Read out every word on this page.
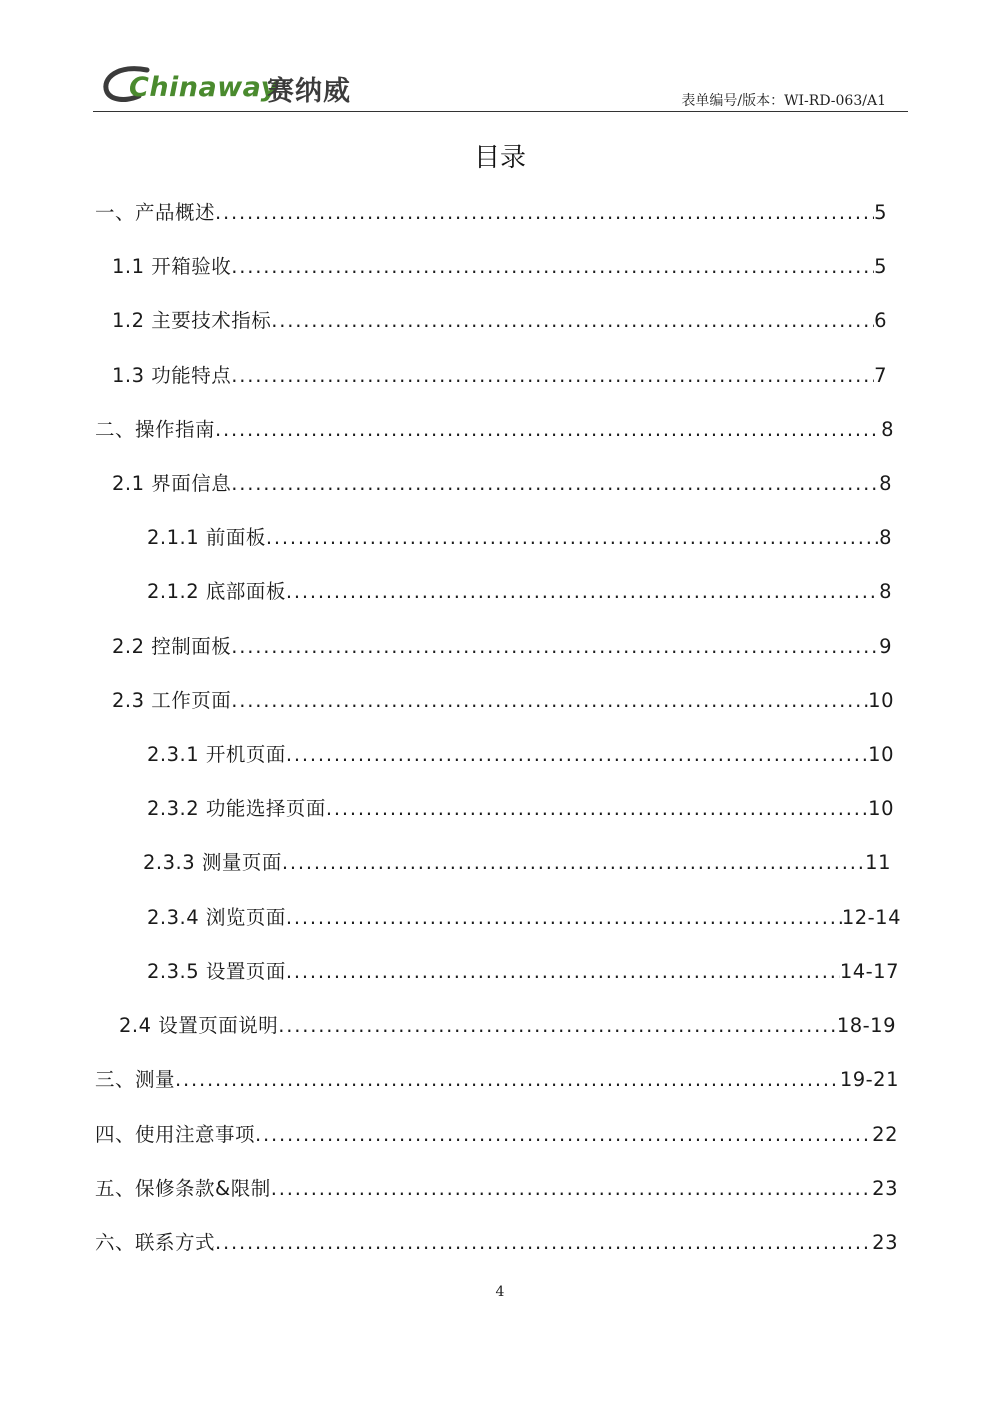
Chinaway
赛纳威	表单编号/版本：WI-RD-063/A1
目录
一、产品概述 .....	5
1.1 开箱验收 .....	5
1.2 主要技术指标 .....	6
1.3 功能特点 .....	7
二、操作指南 .....	8
2.1 界面信息 .....	8
2.1.1 前面板 .....	8
2.1.2 底部面板 .....	8
2.2 控制面板 .....	9
2.3 工作页面 .....	10
2.3.1 开机页面 .....	10
2.3.2 功能选择页面 .....	10
2.3.3 测量页面 .....	11
2.3.4 浏览页面 .....	12-14
2.3.5 设置页面 .....	14-17
2.4 设置页面说明 .....	18-19
三、测量 .....	19-21
四、使用注意事项 .....	22
五、保修条款&限制 .....	23
六、联系方式 .....	23
4
